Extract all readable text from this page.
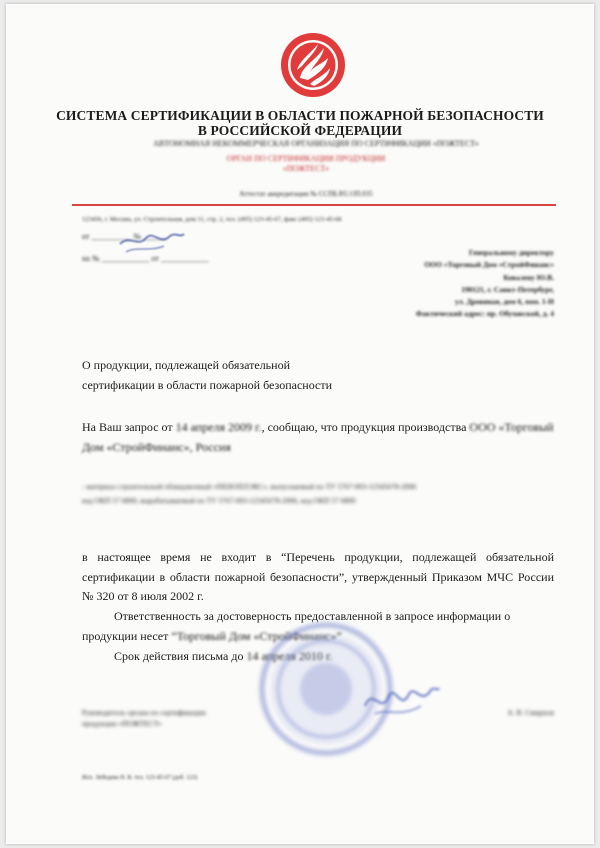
СИСТЕМА СЕРТИФИКАЦИИ В ОБЛАСТИ ПОЖАРНОЙ БЕЗОПАСНОСТИ
В РОССИЙСКОЙ ФЕДЕРАЦИИ
АВТОНОМНАЯ НЕКОММЕРЧЕСКАЯ ОРГАНИЗАЦИЯ ПО СЕРТИФИКАЦИИ «ПОЖТЕСТ»
ОРГАН ПО СЕРТИФИКАЦИИ ПРОДУКЦИИ
«ПОЖТЕСТ»
Аттестат аккредитации № ССПБ.RU.ОП.035
123456, г. Москва, ул. Строительная, дом 11, стр. 2, тел. (495) 123-45-67, факс (495) 123-45-68
от __________ № ______
на № ____________ от ____________
Генеральному директору
ООО «Торговый Дом «СтройФинанс»
Ковалеву Ю.В.
190121, г. Санкт-Петербург,
ул. Дровяная, дом 6, пом. 1-Н
Фактический адрес: пр. Обуховской, д. 4
О продукции, подлежащей обязательной
сертификации в области пожарной безопасности
На Ваш запрос от 14 апреля 2009 г., сообщаю, что продукция производства ООО «Торговый Дом «СтройФинанс», Россия
- материал строительный облицовочный «ПЕНОПЛЭКС», выпускаемый по ТУ 5767-003-12345678-2006
код ОКП 57 6800, вырабатываемый по ТУ 5767-003-12345678-2006, код ОКП 57 6800
в настоящее время не входит в “Перечень продукции, подлежащей обязательной сертификации в области пожарной безопасности”, утвержденный Приказом МЧС России № 320 от 8 июля 2002 г.
Ответственность за достоверность предоставленной в запросе информации о продукции несет “Торговый Дом «СтройФинанс»”
Срок действия письма до 14 апреля 2010 г.
Руководитель органа по сертификации
продукции «ПОЖТЕСТ»
А. В. Смирнов
Исп. Лебедева Н. В. тел. 123-45-67 (доб. 123)
